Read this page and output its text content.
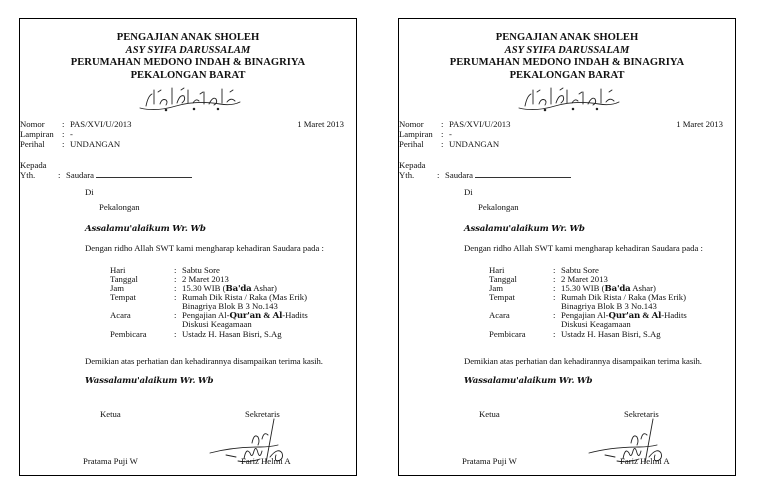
PENGAJIAN ANAK SHOLEH
ASY SYIFA DARUSSALAM
PERUMAHAN MEDONO INDAH & BINAGRIYA
PEKALONGAN BARAT
Nomor : PAS/XVI/U/2013
Lampiran : -
Perihal : UNDANGAN
1 Maret 2013
Kepada
Yth.	: Saudara
Di
Pekalongan
Assalamu'alaikum Wr. Wb
Dengan ridho Allah SWT kami mengharap kehadiran Saudara pada :
Hari	: Sabtu Sore
Tanggal	: 2 Maret 2013
Jam	: 15.30 WIB (Ba'da Ashar)
Tempat	: Rumah Dik Rista / Raka (Mas Erik)
Binagriya Blok B 3 No.143
Acara	: Pengajian Al-Qur'an & Al-Hadits
Diskusi Keagamaan
Pembicara	: Ustadz H. Hasan Bisri, S.Ag
Demikian atas perhatian dan kehadirannya disampaikan terima kasih.
Wassalamu'alaikum Wr. Wb
Ketua	Sekretaris
Pratama Puji W	Fariz Helmi A
PENGAJIAN ANAK SHOLEH
ASY SYIFA DARUSSALAM
PERUMAHAN MEDONO INDAH & BINAGRIYA
PEKALONGAN BARAT
Nomor : PAS/XVI/U/2013
Lampiran : -
Perihal : UNDANGAN
1 Maret 2013
Kepada
Yth.	: Saudara
Di
Pekalongan
Assalamu'alaikum Wr. Wb
Dengan ridho Allah SWT kami mengharap kehadiran Saudara pada :
Hari	: Sabtu Sore
Tanggal	: 2 Maret 2013
Jam	: 15.30 WIB (Ba'da Ashar)
Tempat	: Rumah Dik Rista / Raka (Mas Erik)
Binagriya Blok B 3 No.143
Acara	: Pengajian Al-Qur'an & Al-Hadits
Diskusi Keagamaan
Pembicara	: Ustadz H. Hasan Bisri, S.Ag
Demikian atas perhatian dan kehadirannya disampaikan terima kasih.
Wassalamu'alaikum Wr. Wb
Ketua	Sekretaris
Pratama Puji W	Fariz Helmi A
